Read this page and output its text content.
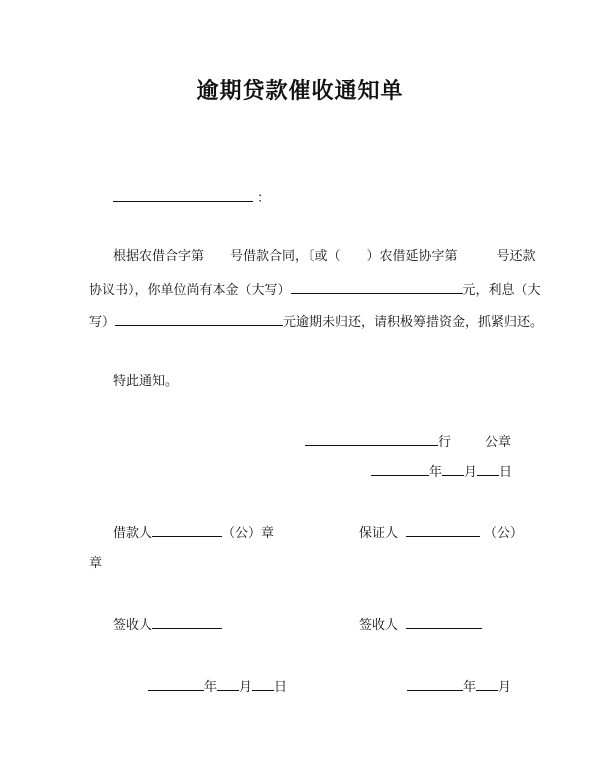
逾期贷款催收通知单
：
根据农借合字第　　号借款合同，〔或（　　）农借延协字第　　　号还款
协议书），你单位尚有本金（大写）	元，利息（大
写）	元逾期未归还，请积极筹措资金，抓紧归还。
特此通知。
行	公章
年 月 日
借款人	（公）章	保证人	（公）
章
签收人	签收人
年 月 日	年 月
